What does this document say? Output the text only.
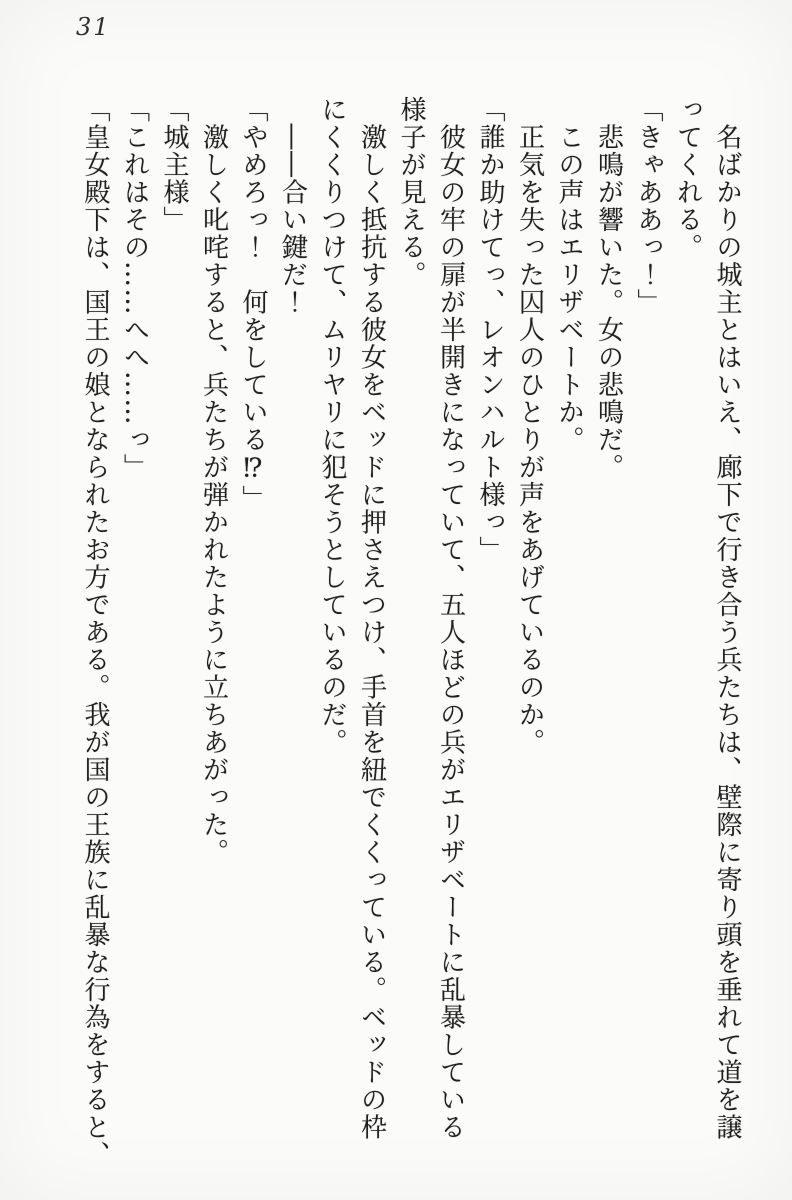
31
　名ばかりの城主とはいえ、廊下で行き合う兵たちは、壁際に寄り頭を垂れて道を譲
ってくれる。
「きゃああっ！」
　悲鳴が響いた。女の悲鳴だ。
　この声はエリザベートか。
　正気を失った囚人のひとりが声をあげているのか。
「誰か助けてっ、レオンハルト様っ」
　彼女の牢の扉が半開きになっていて、五人ほどの兵がエリザベートに乱暴している
様子が見える。
　激しく抵抗する彼女をベッドに押さえつけ、手首を紐でくくっている。ベッドの枠
にくくりつけて、ムリヤリに犯そうとしているのだ。
　――合い鍵だ！
「やめろっ！　何をしている⁉」
　激しく叱咤すると、兵たちが弾かれたように立ちあがった。
「城主様」
「これはその……へへ……っ」
「皇女殿下は、国王の娘となられたお方である。我が国の王族に乱暴な行為をすると、
